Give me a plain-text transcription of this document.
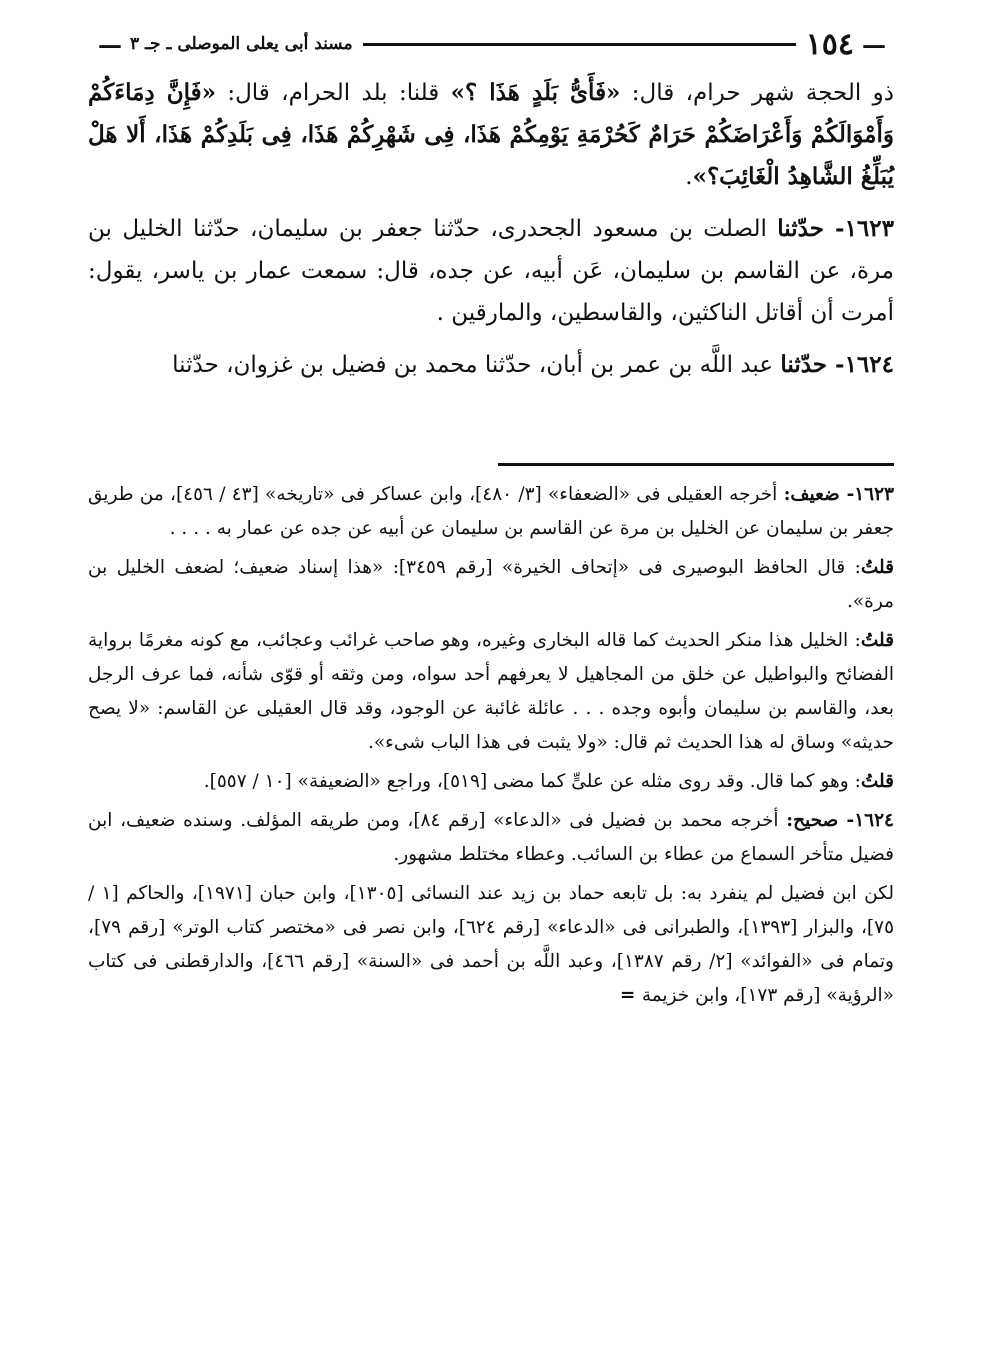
—
١٥٤
مسند أبى يعلى الموصلى ـ جـ ٣
—

ذو الحجة شهر حرام، قال: «فَأَىُّ بَلَدٍ هَذَا ؟» قلنا: بلد الحرام، قال: «فَإِنَّ دِمَاءَكُمْ وَأَمْوَالَكُمْ وَأَعْرَاضَكُمْ حَرَامٌ كَحُرْمَةِ يَوْمِكُمْ هَذَا، فِى شَهْرِكُمْ هَذَا، فِى بَلَدِكُمْ هَذَا، أَلا هَلْ يُبَلِّغُ الشَّاهِدُ الْغَائِبَ؟».

١٦٢٣- حدّثنا الصلت بن مسعود الجحدرى، حدّثنا جعفر بن سليمان، حدّثنا الخليل بن مرة، عن القاسم بن سليمان، عَن أبيه، عن جده، قال: سمعت عمار بن ياسر، يقول: أمرت أن أقاتل الناكثين، والقاسطين، والمارقين .

١٦٢٤- حدّثنا عبد اللَّه بن عمر بن أبان، حدّثنا محمد بن فضيل بن غزوان، حدّثنا

١٦٢٣- ضعيف: أخرجه العقيلى فى «الضعفاء» [٣/ ٤٨٠]، وابن عساكر فى «تاريخه» [٤٣ / ٤٥٦]، من طريق جعفر بن سليمان عن الخليل بن مرة عن القاسم بن سليمان عن أبيه عن جده عن عمار به . . . .

قلتُ: قال الحافظ البوصيرى فى «إتحاف الخيرة» [رقم ٣٤٥٩]: «هذا إسناد ضعيف؛ لضعف الخليل بن مرة».

قلتُ: الخليل هذا منكر الحديث كما قاله البخارى وغيره، وهو صاحب غرائب وعجائب، مع كونه مغرمًا برواية الفضائح والبواطيل عن خلق من المجاهيل لا يعرفهم أحد سواه، ومن وثقه أو قوّى شأنه، فما عرف الرجل بعد، والقاسم بن سليمان وأبوه وجده . . . عائلة غائبة عن الوجود، وقد قال العقيلى عن القاسم: «لا يصح حديثه» وساق له هذا الحديث ثم قال: «ولا يثبت فى هذا الباب شىء».

قلتُ: وهو كما قال. وقد روى مثله عن علىٍّ كما مضى [٥١٩]، وراجع «الضعيفة» [١٠ / ٥٥٧].

١٦٢٤- صحيح: أخرجه محمد بن فضيل فى «الدعاء» [رقم ٨٤]، ومن طريقه المؤلف. وسنده ضعيف، ابن فضيل متأخر السماع من عطاء بن السائب. وعطاء مختلط مشهور.

لكن ابن فضيل لم ينفرد به: بل تابعه حماد بن زيد عند النسائى [١٣٠٥]، وابن حبان [١٩٧١]، والحاكم [١ / ٧٥]، والبزار [١٣٩٣]، والطبرانى فى «الدعاء» [رقم ٦٢٤]، وابن نصر فى «مختصر كتاب الوتر» [رقم ٧٩]، وتمام فى «الفوائد» [٢/ رقم ١٣٨٧]، وعبد اللَّه بن أحمد فى «السنة» [رقم ٤٦٦]، والدارقطنى فى كتاب «الرؤية» [رقم ١٧٣]، وابن خزيمة =
